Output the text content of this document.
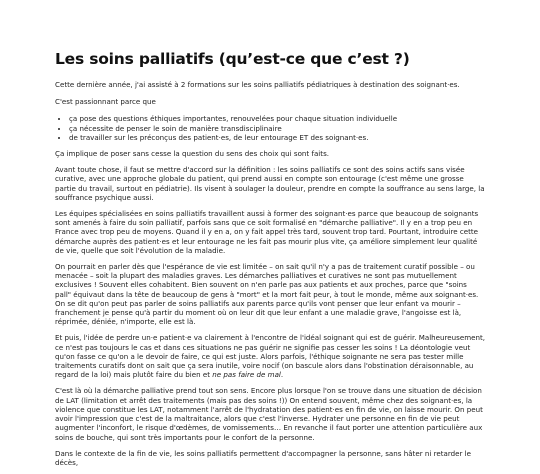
Les soins palliatifs (qu’est-ce que c’est ?)

Cette dernière année, j'ai assisté à 2 formations sur les soins palliatifs pédiatriques à destination des soignant·es.

C'est passionnant parce que

• ça pose des questions éthiques importantes, renouvelées pour chaque situation individuelle
• ça nécessite de penser le soin de manière transdisciplinaire
• de travailler sur les préconçus des patient·es, de leur entourage ET des soignant·es.

Ça implique de poser sans cesse la question du sens des choix qui sont faits.

Avant toute chose, il faut se mettre d'accord sur la définition : les soins palliatifs ce sont des soins actifs sans visée curative, avec une approche globale du patient, qui prend aussi en compte son entourage (c'est même une grosse partie du travail, surtout en pédiatrie). Ils visent à soulager la douleur, prendre en compte la souffrance au sens large, la souffrance psychique aussi.

Les équipes spécialisées en soins palliatifs travaillent aussi à former des soignant·es parce que beaucoup de soignants sont amenés à faire du soin palliatif, parfois sans que ce soit formalisé en "démarche palliative". Il y en a trop peu en France avec trop peu de moyens. Quand il y en a, on y fait appel très tard, souvent trop tard. Pourtant, introduire cette démarche auprès des patient·es et leur entourage ne les fait pas mourir plus vite, ça améliore simplement leur qualité de vie, quelle que soit l'évolution de la maladie.

On pourrait en parler dès que l'espérance de vie est limitée – on sait qu'il n'y a pas de traitement curatif possible – ou menacée – soit la plupart des maladies graves. Les démarches palliatives et curatives ne sont pas mutuellement exclusives ! Souvent elles cohabitent. Bien souvent on n'en parle pas aux patients et aux proches, parce que "soins pall" équivaut dans la tête de beaucoup de gens à "mort" et la mort fait peur, à tout le monde, même aux soignant·es. On se dit qu'on peut pas parler de soins palliatifs aux parents parce qu'ils vont penser que leur enfant va mourir – franchement je pense qu'à partir du moment où on leur dit que leur enfant a une maladie grave, l'angoisse est là, réprimée, déniée, n'importe, elle est là.

Et puis, l'idée de perdre un·e patient·e va clairement à l'encontre de l'idéal soignant qui est de guérir. Malheureusement, ce n'est pas toujours le cas et dans ces situations ne pas guérir ne signifie pas cesser les soins ! La déontologie veut qu'on fasse ce qu'on a le devoir de faire, ce qui est juste. Alors parfois, l'éthique soignante ne sera pas tester mille traitements curatifs dont on sait que ça sera inutile, voire nocif (on bascule alors dans l'obstination déraisonnable, au regard de la loi) mais plutôt faire du bien et ne pas faire de mal.

C'est là où la démarche palliative prend tout son sens. Encore plus lorsque l'on se trouve dans une situation de décision de LAT (limitation et arrêt des traitements (mais pas des soins !)) On entend souvent, même chez des soignant·es, la violence que constitue les LAT, notamment l'arrêt de l'hydratation des patient·es en fin de vie, on laisse mourir. On peut avoir l'impression que c'est de la maltraitance, alors que c'est l'inverse. Hydrater une personne en fin de vie peut augmenter l'inconfort, le risque d'œdèmes, de vomissements… En revanche il faut porter une attention particulière aux soins de bouche, qui sont très importants pour le confort de la personne.

Dans le contexte de la fin de vie, les soins palliatifs permettent d'accompagner la personne, sans hâter ni retarder le décès,
